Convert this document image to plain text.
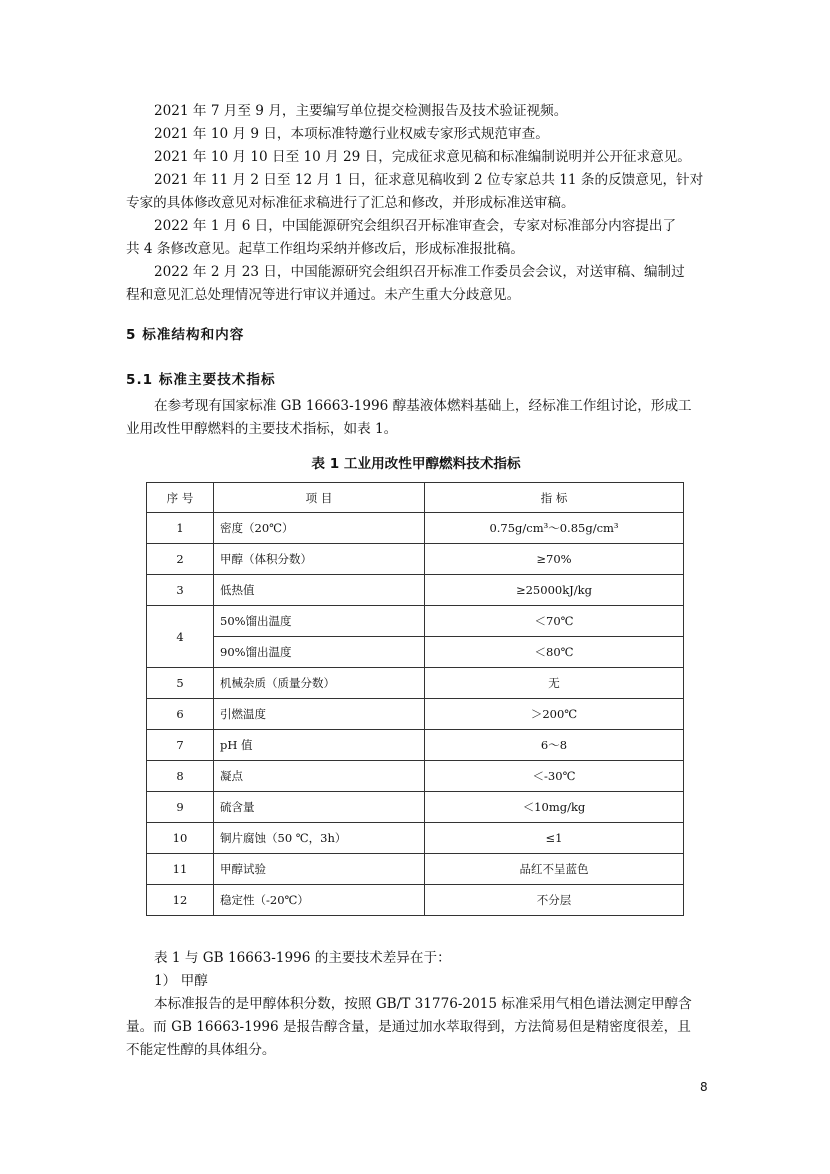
2021 年 7 月至 9 月，主要编写单位提交检测报告及技术验证视频。
2021 年 10 月 9 日，本项标准特邀行业权威专家形式规范审查。
2021 年 10 月 10 日至 10 月 29 日，完成征求意见稿和标准编制说明并公开征求意见。
2021 年 11 月 2 日至 12 月 1 日，征求意见稿收到 2 位专家总共 11 条的反馈意见，针对
专家的具体修改意见对标准征求稿进行了汇总和修改，并形成标准送审稿。
2022 年 1 月 6 日，中国能源研究会组织召开标准审查会，专家对标准部分内容提出了
共 4 条修改意见。起草工作组均采纳并修改后，形成标准报批稿。
2022 年 2 月 23 日，中国能源研究会组织召开标准工作委员会会议，对送审稿、编制过
程和意见汇总处理情况等进行审议并通过。未产生重大分歧意见。
5 标准结构和内容
5.1 标准主要技术指标
在参考现有国家标准 GB 16663-1996 醇基液体燃料基础上，经标准工作组讨论，形成工
业用改性甲醇燃料的主要技术指标，如表 1。
表 1 工业用改性甲醇燃料技术指标
序 号	项 目	指 标
1	密度（20℃）	0.75g/cm³～0.85g/cm³
2	甲醇（体积分数）	≥70%
3	低热值	≥25000kJ/kg
4	50%馏出温度	＜70℃
	90%馏出温度	＜80℃
5	机械杂质（质量分数）	无
6	引燃温度	＞200℃
7	pH 值	6～8
8	凝点	＜-30℃
9	硫含量	＜10mg/kg
10	铜片腐蚀（50 ℃，3h）	≤1
11	甲醇试验	品红不呈蓝色
12	稳定性（-20℃）	不分层
表 1 与 GB 16663-1996 的主要技术差异在于：
1） 甲醇
本标准报告的是甲醇体积分数，按照 GB/T 31776-2015 标准采用气相色谱法测定甲醇含
量。而 GB 16663-1996 是报告醇含量，是通过加水萃取得到，方法简易但是精密度很差，且
不能定性醇的具体组分。
8
